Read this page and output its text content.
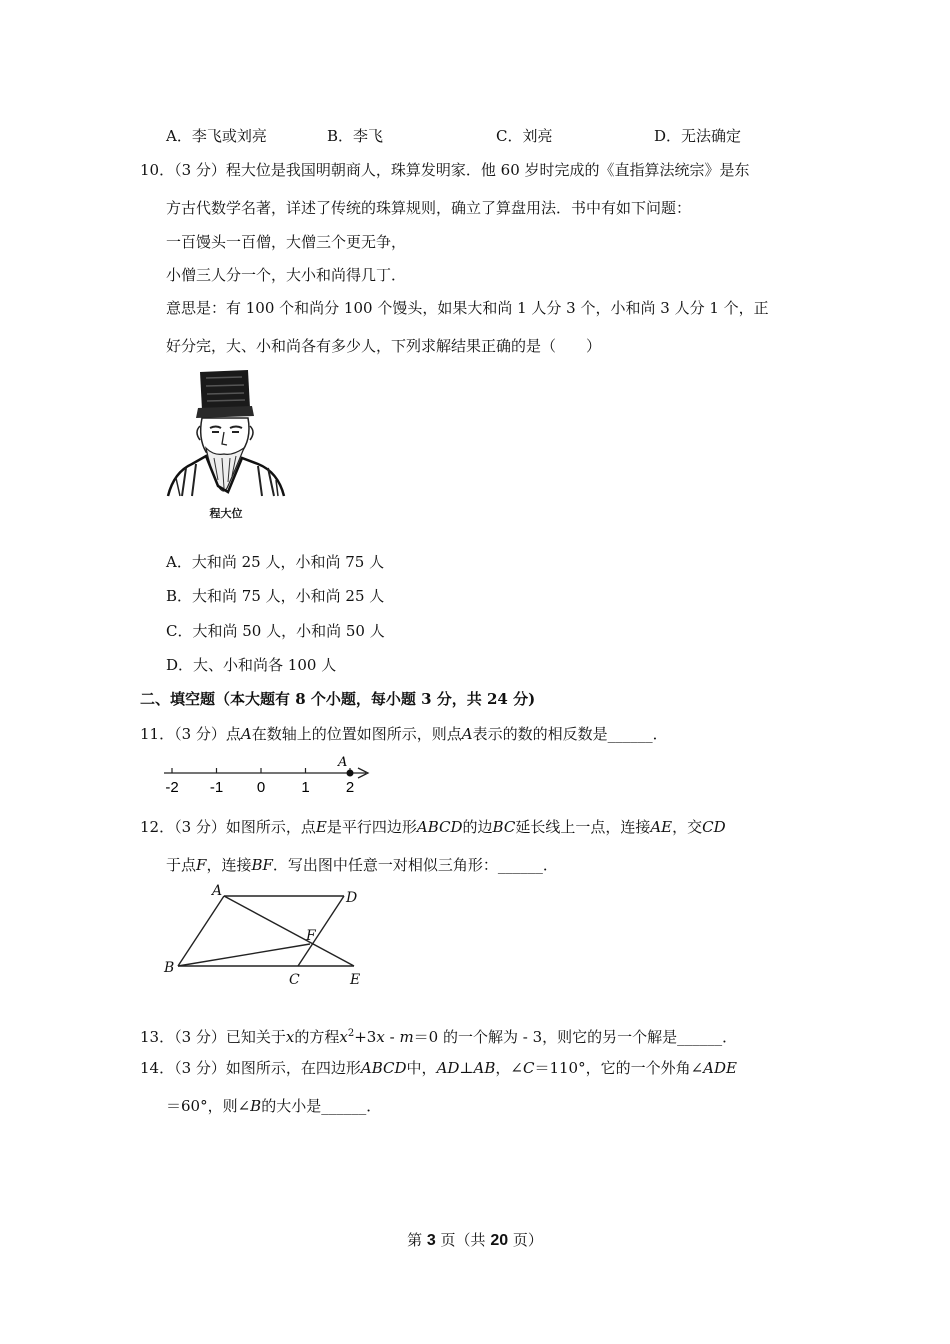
A．李飞或刘亮	B．李飞	C．刘亮	D．无法确定
10．（3 分）程大位是我国明朝商人，珠算发明家．他 60 岁时完成的《直指算法统宗》是东
方古代数学名著，详述了传统的珠算规则，确立了算盘用法．书中有如下问题：
一百馒头一百僧，大僧三个更无争，
小僧三人分一个，大小和尚得几丁．
意思是：有 100 个和尚分 100 个馒头，如果大和尚 1 人分 3 个，小和尚 3 人分 1 个，正
好分完，大、小和尚各有多少人，下列求解结果正确的是（　　）
程大位
A．大和尚 25 人，小和尚 75 人
B．大和尚 75 人，小和尚 25 人
C．大和尚 50 人，小和尚 50 人
D．大、小和尚各 100 人
二、填空题（本大题有 8 个小题，每小题 3 分，共 24 分)
11．（3 分）点A在数轴上的位置如图所示，则点A表示的数的相反数是______．
-2 -1 0 1 2
A
12．（3 分）如图所示，点E是平行四边形ABCD的边BC延长线上一点，连接AE，交CD
于点F，连接BF．写出图中任意一对相似三角形：______．
A	D
F
B
C	E
13．（3 分）已知关于x的方程$x^2+3x - m=0$ 的一个解为 - 3，则它的另一个解是______．
14．（3 分）如图所示，在四边形ABCD中，AD⊥AB，∠C＝110°，它的一个外角∠ADE
＝60°，则∠B的大小是______．
第 3 页（共 20 页）
